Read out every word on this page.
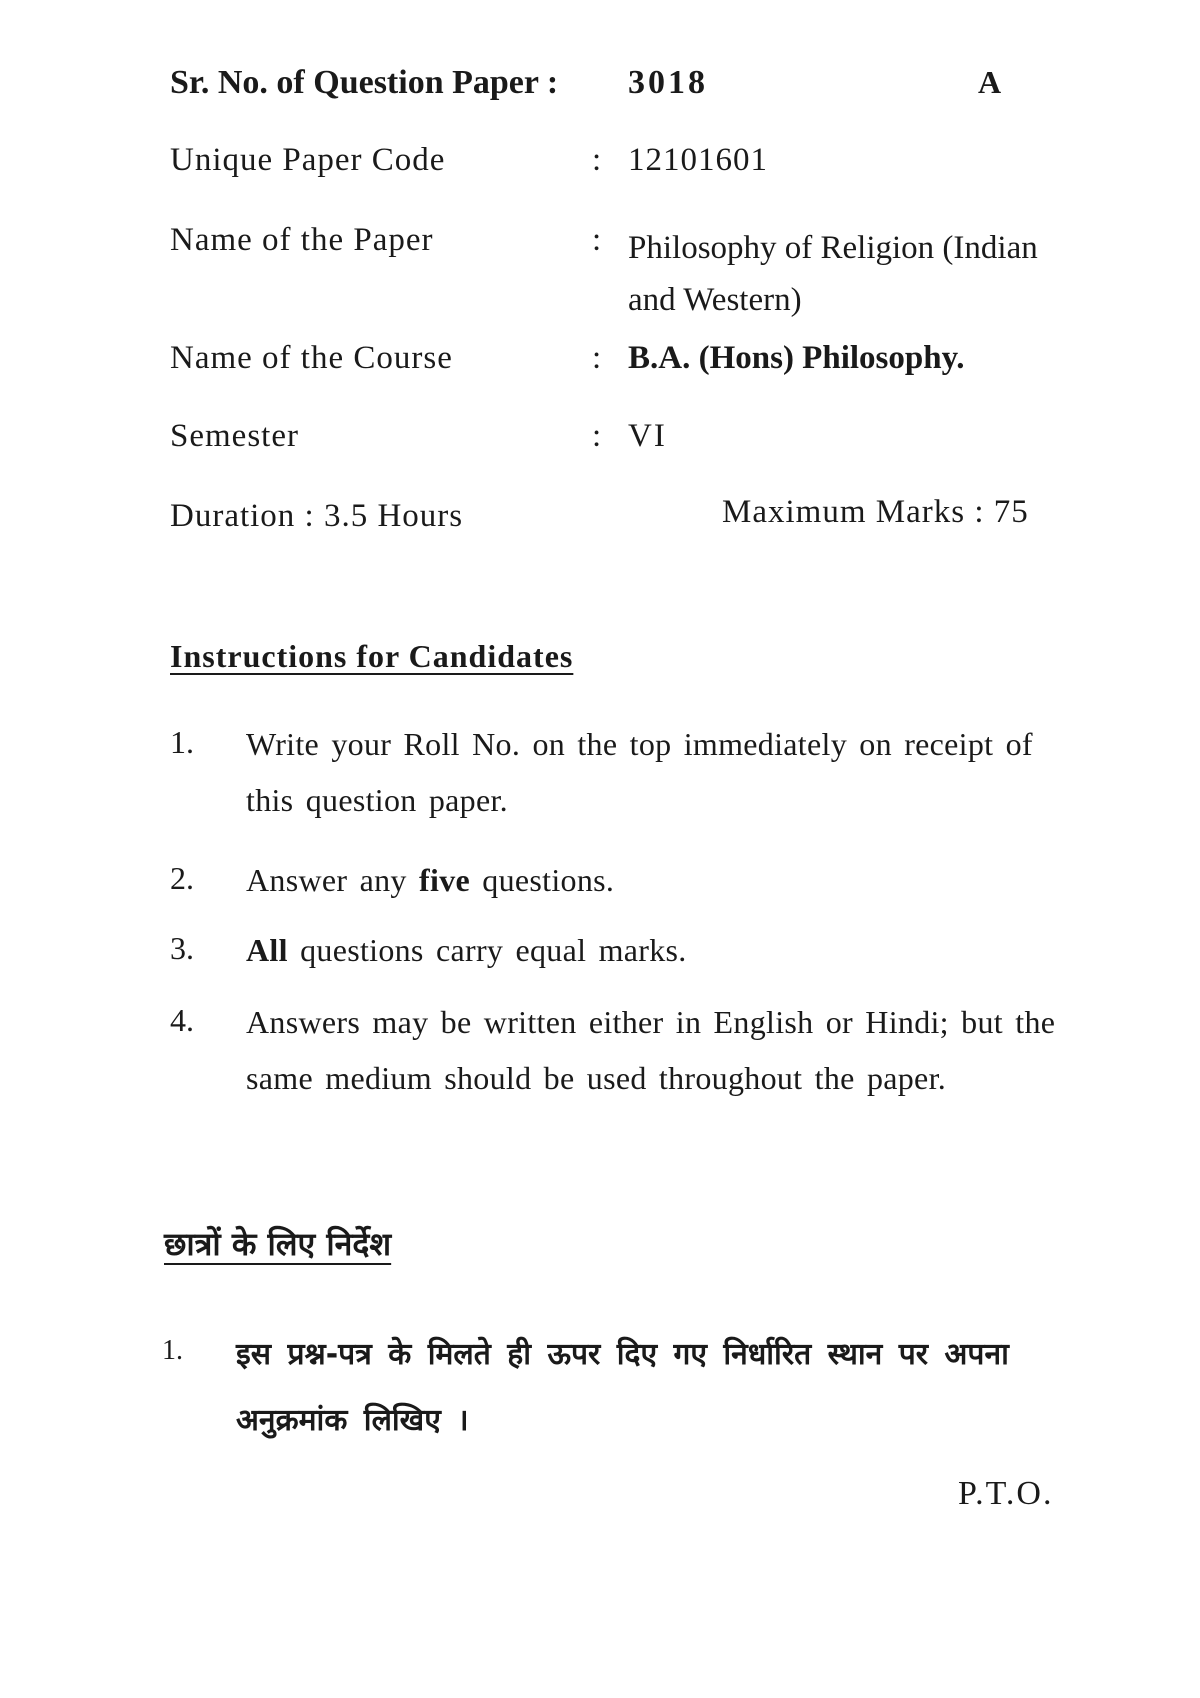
Sr. No. of Question Paper : 3018	A
Unique Paper Code	: 12101601
Name of the Paper	: Philosophy of Religion (Indian and Western)
Name of the Course	: B.A. (Hons) Philosophy.
Semester	: VI
Duration : 3.5 Hours	Maximum Marks : 75
Instructions for Candidates
1. Write your Roll No. on the top immediately on receipt of this question paper.
2. Answer any five questions.
3. All questions carry equal marks.
4. Answers may be written either in English or Hindi; but the same medium should be used throughout the paper.
छात्रों के लिए निर्देश
1. इस प्रश्न-पत्र के मिलते ही ऊपर दिए गए निर्धारित स्थान पर अपना अनुक्रमांक लिखिए ।
P.T.O.
